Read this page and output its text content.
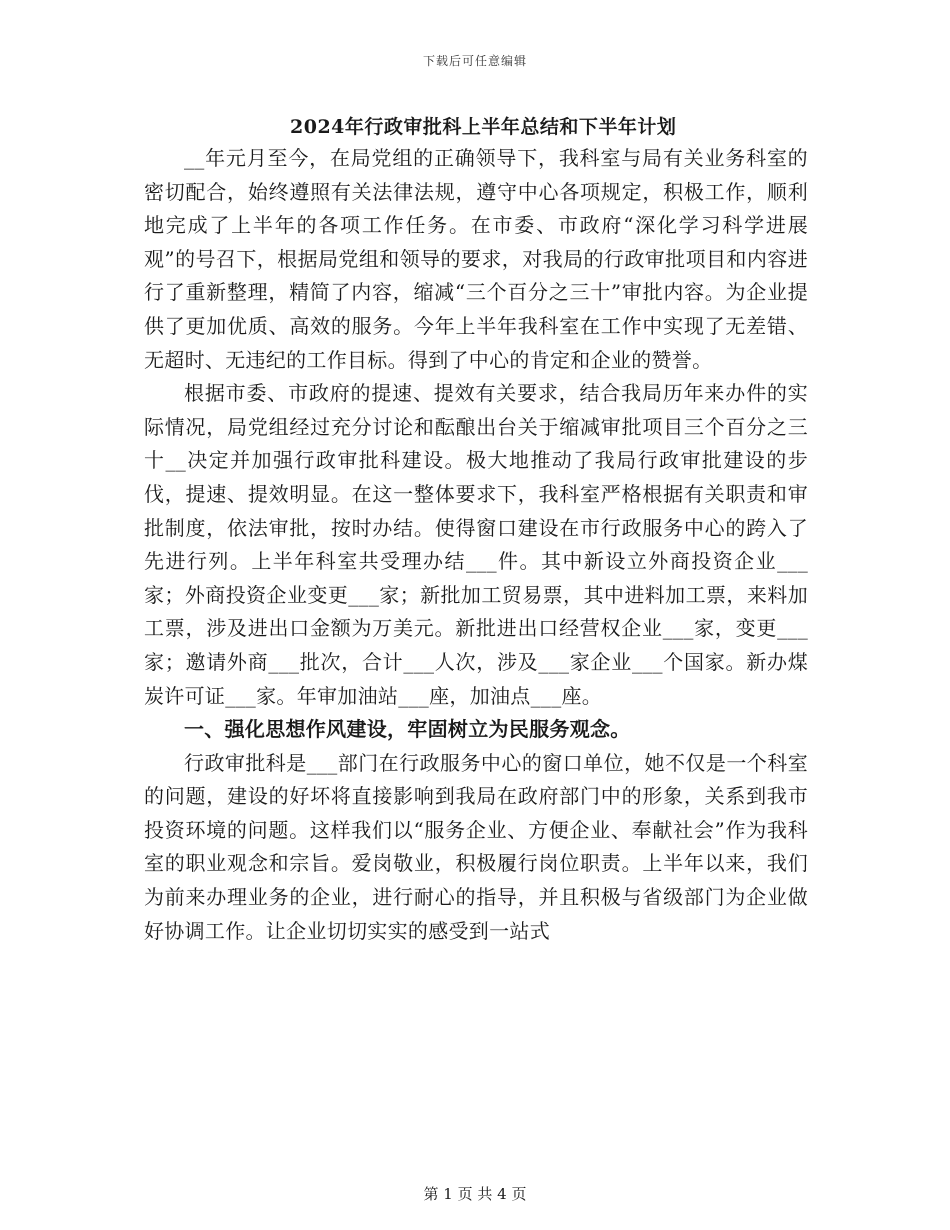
下载后可任意编辑
2024年行政审批科上半年总结和下半年计划

__年元月至今，在局党组的正确领导下，我科室与局有关业务科室的密切配合，始终遵照有关法律法规，遵守中心各项规定，积极工作，顺利地完成了上半年的各项工作任务。在市委、市政府“深化学习科学进展观”的号召下，根据局党组和领导的要求，对我局的行政审批项目和内容进行了重新整理，精简了内容，缩减“三个百分之三十”审批内容。为企业提供了更加优质、高效的服务。今年上半年我科室在工作中实现了无差错、无超时、无违纪的工作目标。得到了中心的肯定和企业的赞誉。

根据市委、市政府的提速、提效有关要求，结合我局历年来办件的实际情况，局党组经过充分讨论和酝酿出台关于缩减审批项目三个百分之三十__决定并加强行政审批科建设。极大地推动了我局行政审批建设的步伐，提速、提效明显。在这一整体要求下，我科室严格根据有关职责和审批制度，依法审批，按时办结。使得窗口建设在市行政服务中心的跨入了先进行列。上半年科室共受理办结___件。其中新设立外商投资企业___家；外商投资企业变更___家；新批加工贸易票，其中进料加工票，来料加工票，涉及进出口金额为万美元。新批进出口经营权企业___家，变更___家；邀请外商___批次，合计___人次，涉及___家企业___个国家。新办煤炭许可证___家。年审加油站___座，加油点___座。

一、强化思想作风建设，牢固树立为民服务观念。

行政审批科是___部门在行政服务中心的窗口单位，她不仅是一个科室的问题，建设的好坏将直接影响到我局在政府部门中的形象，关系到我市投资环境的问题。这样我们以“服务企业、方便企业、奉献社会”作为我科室的职业观念和宗旨。爱岗敬业，积极履行岗位职责。上半年以来，我们为前来办理业务的企业，进行耐心的指导，并且积极与省级部门为企业做好协调工作。让企业切切实实的感受到一站式

第 1 页 共 4 页
